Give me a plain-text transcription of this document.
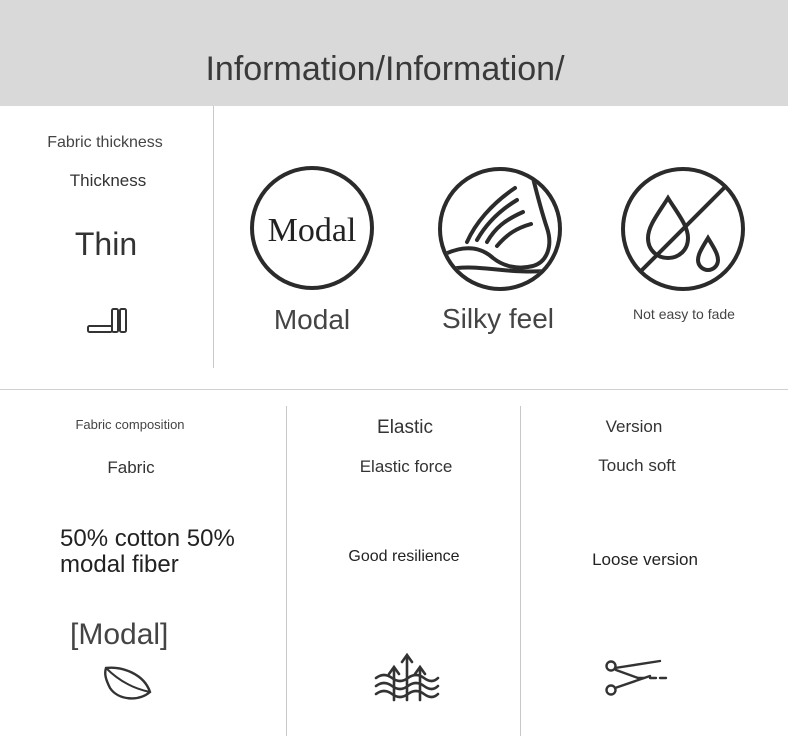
Information/Information/
Fabric thickness
Thickness
Thin	Modal
Modal	Silky feel	Not easy to fade
Fabric composition
Fabric
50% cotton 50%
modal fiber
[Modal]
Elastic
Elastic force
Good resilience
Version
Touch soft
Loose version
